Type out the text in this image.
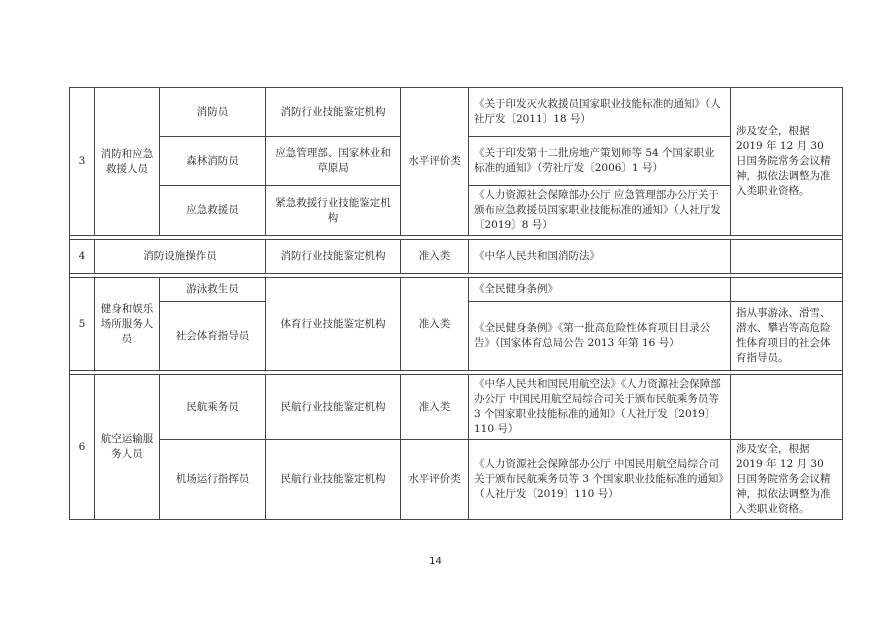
3	消防和应急救援人员	消防员	消防行业技能鉴定机构	水平评价类	《关于印发灭火救援员国家职业技能标准的通知》（人社厅发〔2011〕18 号）	涉及安全，根据 2019 年 12 月 30 日国务院常务会议精神，拟依法调整为准入类职业资格。
		森林消防员	应急管理部、国家林业和草原局		《关于印发第十二批房地产策划师等 54 个国家职业标准的通知》（劳社厅发〔2006〕1 号）	
		应急救援员	紧急救援行业技能鉴定机构		《人力资源社会保障部办公厅 应急管理部办公厅关于颁布应急救援员国家职业技能标准的通知》（人社厅发〔2019〕8 号）	

4	消防设施操作员		消防行业技能鉴定机构	准入类	《中华人民共和国消防法》	

5	健身和娱乐场所服务人员	游泳救生员	体育行业技能鉴定机构	准入类	《全民健身条例》	
		社会体育指导员			《全民健身条例》《第一批高危险性体育项目目录公告》（国家体育总局公告 2013 年第 16 号）	指从事游泳、滑雪、潜水、攀岩等高危险性体育项目的社会体育指导员。

6	航空运输服务人员	民航乘务员	民航行业技能鉴定机构	准入类	《中华人民共和国民用航空法》《人力资源社会保障部办公厅 中国民用航空局综合司关于颁布民航乘务员等 3 个国家职业技能标准的通知》（人社厅发〔2019〕110 号）	
		机场运行指挥员	民航行业技能鉴定机构	水平评价类	《人力资源社会保障部办公厅 中国民用航空局综合司关于颁布民航乘务员等 3 个国家职业技能标准的通知》（人社厅发〔2019〕110 号）	涉及安全，根据 2019 年 12 月 30 日国务院常务会议精神，拟依法调整为准入类职业资格。
14
